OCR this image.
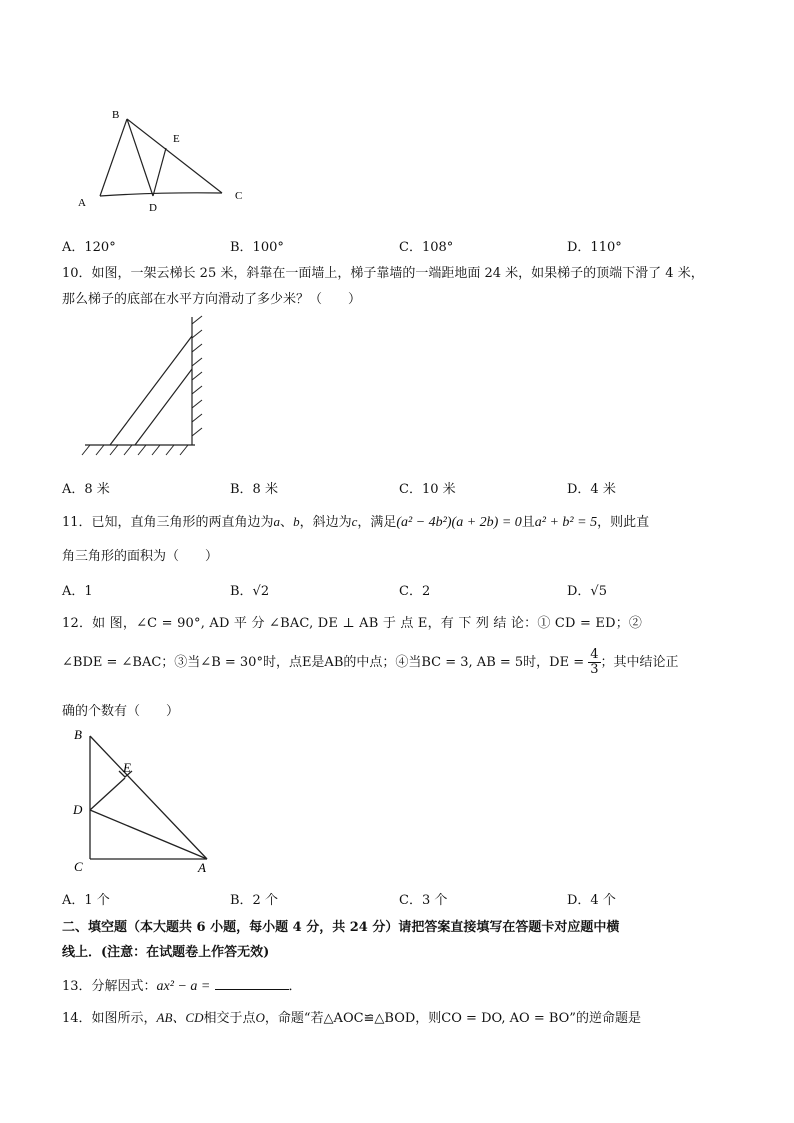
B
E
A	D
C
A．120°	B．100°	C．108°	D．110°
10．如图，一架云梯长 25 米，斜靠在一面墙上，梯子靠墙的一端距地面 24 米，如果梯子的顶端下滑了 4 米，
那么梯子的底部在水平方向滑动了多少米？（　　）
A．8 米	B．8 米	C．10 米	D．4 米
11．已知，直角三角形的两直角边为a、b，斜边为c，满足(a² − 4b²)(a + 2b) = 0且a² + b² = 5，则此直
角三角形的面积为（　　）
A．1	B．√2	C．2	D．√5
12．如 图，∠C = 90°, AD 平 分 ∠BAC, DE ⊥ AB 于 点 E，有 下 列 结 论：① CD = ED；②
∠BDE = ∠BAC；③当∠B = 30°时，点E是AB的中点；④当BC = 3, AB = 5时，DE = $\frac{4}{3}$ ；其中结论正
确的个数有（　　）
B
E
D
C	A
A．1 个	B．2 个	C．3 个	D．4 个
二、填空题（本大题共 6 小题，每小题 4 分，共 24 分）请把答案直接填写在答题卡对应题中横
线上．(注意：在试题卷上作答无效)
13．分解因式：ax² − a =	．
14．如图所示，AB、CD相交于点O，命题“若△AOC≌△BOD，则CO = DO, AO = BO”的逆命题是
